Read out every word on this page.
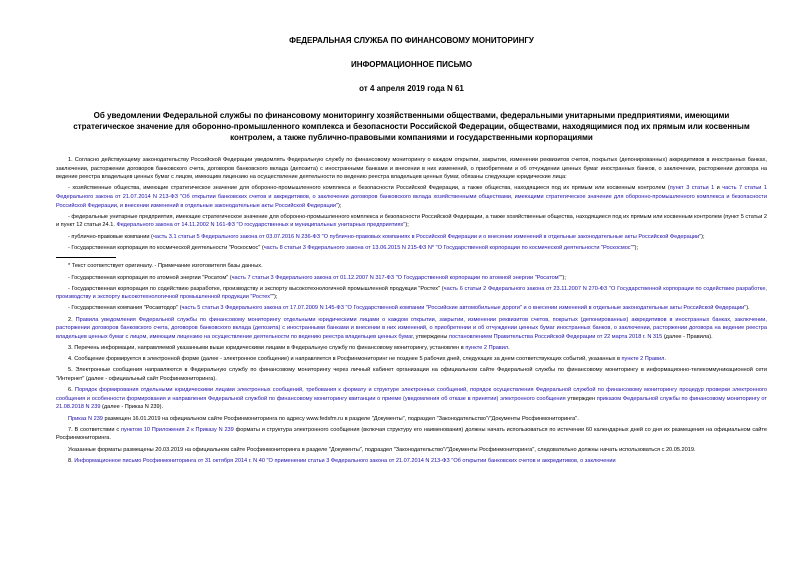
ФЕДЕРАЛЬНАЯ СЛУЖБА ПО ФИНАНСОВОМУ МОНИТОРИНГУ
ИНФОРМАЦИОННОЕ ПИСЬМО
от 4 апреля 2019 года N 61
Об уведомлении Федеральной службы по финансовому мониторингу хозяйственными обществами, федеральными унитарными предприятиями, имеющими стратегическое значение для оборонно-промышленного комплекса и безопасности Российской Федерации, обществами, находящимися под их прямым или косвенным контролем, а также публично-правовыми компаниями и государственными корпорациями

1. Согласно действующему законодательству Российской Федерации уведомлять Федеральную службу по финансовому мониторингу о каждом открытии, закрытии, изменении реквизитов счетов, покрытых (депонированных) аккредитивов в иностранных банках, заключении, расторжении договоров банковского счета, договоров банковского вклада (депозита) с иностранными банками и внесении в них изменений, о приобретении и об отчуждении ценных бумаг иностранных банков, о заключении, расторжении договора на ведение реестра владельцев ценных бумаг с лицом, имеющим лицензию на осуществление деятельности по ведению реестра владельцев ценных бумаг, обязаны следующие юридические лица:

- хозяйственные общества, имеющие стратегическое значение для оборонно-промышленного комплекса и безопасности Российской Федерации, а также общества, находящиеся под их прямым или косвенным контролем (пункт 3 статьи 1 и часть 7 статьи 1 Федерального закона от 21.07.2014 N 213-ФЗ "Об открытии банковских счетов и аккредитивов, о заключении договоров банковского вклада хозяйственными обществами, имеющими стратегическое значение для оборонно-промышленного комплекса и безопасности Российской Федерации, и внесении изменений в отдельные законодательные акты Российской Федерации");

- федеральные унитарные предприятия, имеющие стратегическое значение для оборонно-промышленного комплекса и безопасности Российской Федерации, а также хозяйственные общества, находящиеся под их прямым или косвенным контролем (пункт 5 статьи 2 и пункт 12 статьи 24.1. Федерального закона от 14.11.2002 N 161-ФЗ "О государственных и муниципальных унитарных предприятиях");

- публично-правовые компании (часть 3.1 статьи 5 Федерального закона от 03.07.2016 N 236-ФЗ "О публично-правовых компаниях в Российской Федерации и о внесении изменений в отдельные законодательные акты Российской Федерации");

- Государственная корпорация по космической деятельности "Роскосмос" (часть 8 статьи 3 Федерального закона от 13.06.2015 N 215-ФЗ N* "О Государственной корпорации по космической деятельности "Роскосмос"");

* Текст соответствует оригиналу. - Примечание изготовителя базы данных.

- Государственная корпорация по атомной энергии "Росатом" (часть 7 статьи 3 Федерального закона от 01.12.2007 N 317-ФЗ "О Государственной корпорации по атомной энергии "Росатом"");

- Государственная корпорация по содействию разработке, производству и экспорту высокотехнологичной промышленной продукции "Ростех" (часть 6 статьи 2 Федерального закона от 23.11.2007 N 270-ФЗ "О Государственной корпорации по содействию разработке, производству и экспорту высокотехнологичной промышленной продукции "Ростех"");

- Государственная компания "Росавтодор" (часть 5 статьи 3 Федерального закона от 17.07.2009 N 145-ФЗ "О Государственной компании "Российские автомобильные дороги" и о внесении изменений в отдельные законодательные акты Российской Федерации").

2. Правила уведомления Федеральной службы по финансовому мониторингу отдельными юридическими лицами о каждом открытии, закрытии, изменении реквизитов счетов, покрытых (депонированных) аккредитивов в иностранных банках, заключении, расторжении договоров банковского счета, договоров банковского вклада (депозита) с иностранными банками и внесении в них изменений, о приобретении и об отчуждении ценных бумаг иностранных банков, о заключении, расторжении договора на ведение реестра владельцев ценных бумаг с лицом, имеющим лицензию на осуществление деятельности по ведению реестра владельцев ценных бумаг, утверждены постановлением Правительства Российской Федерации от 22 марта 2018 г. N 315 (далее - Правила).

3. Перечень информации, направляемой указанными выше юридическими лицами в Федеральную службу по финансовому мониторингу, установлен в пункте 2 Правил.

4. Сообщение формируется в электронной форме (далее - электронное сообщение) и направляется в Росфинмониторинг не позднее 5 рабочих дней, следующих за днем соответствующих событий, указанных в пункте 2 Правил.

5. Электронные сообщения направляются в Федеральную службу по финансовому мониторингу через личный кабинет организации на официальном сайте Федеральной службы по финансовому мониторингу в информационно-телекоммуникационной сети "Интернет" (далее - официальный сайт Росфинмониторинга).

6. Порядок формирования отдельными юридическими лицами электронных сообщений, требования к формату и структуре электронных сообщений, порядок осуществления Федеральной службой по финансовому мониторингу процедур проверки электронного сообщения и особенности формирования и направления Федеральной службой по финансовому мониторингу квитанции о приеме (уведомления об отказе в принятии) электронного сообщения утвержден приказом Федеральной службы по финансовому мониторингу от 21.08.2018 N 239 (далее - Приказ N 239).

Приказ N 239 размещен 16.01.2019 на официальном сайте Росфинмониторинга по адресу www.fedsfm.ru в разделе "Документы", подраздел "Законодательство"/"Документы Росфинмониторинга".

7. В соответствии с пунктом 10 Приложения 2 к Приказу N 239 форматы и структура электронного сообщения (включая структуру его наименования) должны начать использоваться по истечении 60 календарных дней со дня их размещения на официальном сайте Росфинмониторинга.

Указанные форматы размещены 20.03.2019 на официальном сайте Росфинмониторинга в разделе "Документы", подраздел "Законодательство"/"Документы Росфинмониторинга", следовательно должны начать использоваться с 20.05.2019.

8. Информационное письмо Росфинмониторинга от 31 октября 2014 г. N 40 "О применении статьи 3 Федерального закона от 21.07.2014 N 213-ФЗ "Об открытии банковских счетов и аккредитивов, о заключении
